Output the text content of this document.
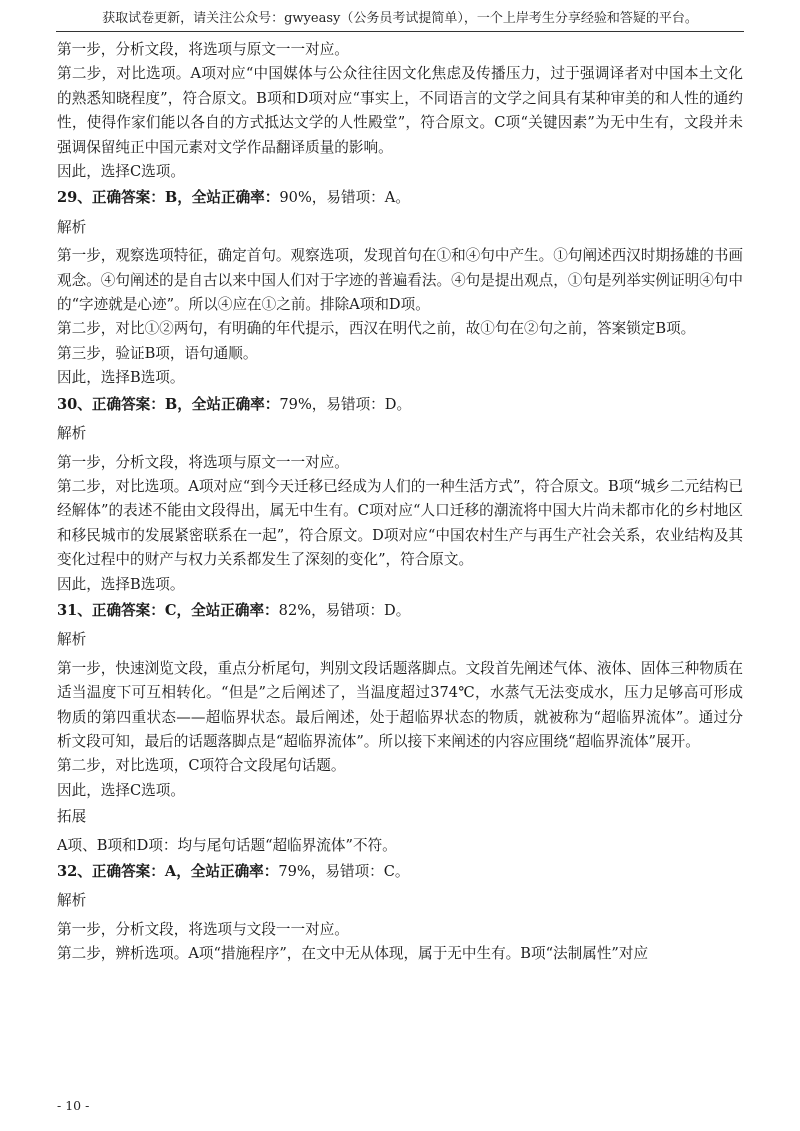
获取试卷更新，请关注公众号：gwyeasy（公务员考试提简单），一个上岸考生分享经验和答疑的平台。

第一步，分析文段，将选项与原文一一对应。

第二步，对比选项。A项对应“中国媒体与公众往往因文化焦虑及传播压力，过于强调译者对中国本土文化的熟悉知晓程度”，符合原文。B项和D项对应“事实上，不同语言的文学之间具有某种审美的和人性的通约性，使得作家们能以各自的方式抵达文学的人性殿堂”，符合原文。C项“关键因素”为无中生有，文段并未强调保留纯正中国元素对文学作品翻译质量的影响。

因此，选择C选项。

29、正确答案：B，全站正确率：90%，易错项：A。

解析

第一步，观察选项特征，确定首句。观察选项，发现首句在①和④句中产生。①句阐述西汉时期扬雄的书画观念。④句阐述的是自古以来中国人们对于字迹的普遍看法。④句是提出观点，①句是列举实例证明④句中的“字迹就是心迹”。所以④应在①之前。排除A项和D项。

第二步，对比①②两句，有明确的年代提示，西汉在明代之前，故①句在②句之前，答案锁定B项。

第三步，验证B项，语句通顺。

因此，选择B选项。

30、正确答案：B，全站正确率：79%，易错项：D。

解析

第一步，分析文段，将选项与原文一一对应。

第二步，对比选项。A项对应“到今天迁移已经成为人们的一种生活方式”，符合原文。B项“城乡二元结构已经解体”的表述不能由文段得出，属无中生有。C项对应“人口迁移的潮流将中国大片尚未都市化的乡村地区和移民城市的发展紧密联系在一起”，符合原文。D项对应“中国农村生产与再生产社会关系，农业结构及其变化过程中的财产与权力关系都发生了深刻的变化”，符合原文。

因此，选择B选项。

31、正确答案：C，全站正确率：82%，易错项：D。

解析

第一步，快速浏览文段，重点分析尾句，判别文段话题落脚点。文段首先阐述气体、液体、固体三种物质在适当温度下可互相转化。“但是”之后阐述了，当温度超过374℃，水蒸气无法变成水，压力足够高可形成物质的第四重状态——超临界状态。最后阐述，处于超临界状态的物质，就被称为“超临界流体”。通过分析文段可知，最后的话题落脚点是“超临界流体”。所以接下来阐述的内容应围绕“超临界流体”展开。

第二步，对比选项，C项符合文段尾句话题。

因此，选择C选项。

拓展

A项、B项和D项：均与尾句话题“超临界流体”不符。

32、正确答案：A，全站正确率：79%，易错项：C。

解析

第一步，分析文段，将选项与文段一一对应。

第二步，辨析选项。A项“措施程序”，在文中无从体现，属于无中生有。B项“法制属性”对应

- 10 -
